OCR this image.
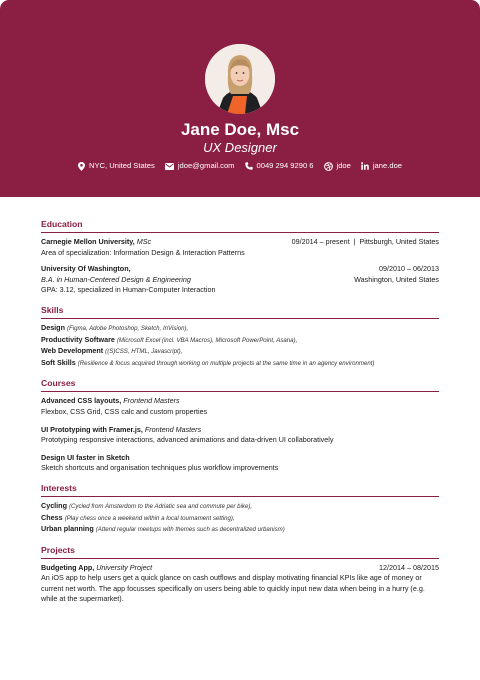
Jane Doe, Msc
UX Designer
NYC, United States	jdoe@gmail.com	0049 294 9290 6	jdoe	jane.doe
Education
Carnegie Mellon University, MSc	09/2014 – present | Pittsburgh, United States
Area of specialization: Information Design & Interaction Patterns
University Of Washington,	09/2010 – 06/2013
B.A. in Human-Centered Design & Engineering	Washington, United States
GPA: 3.12, specialized in Human-Computer Interaction
Skills
Design (Figma, Adobe Photoshop, Sketch, InVision),
Productivity Software (Microsoft Excel (incl. VBA Macros), Microsoft PowerPoint, Asana),
Web Development ((S)CSS, HTML, Javascript),
Soft Skills (Resilience & focus acquired through working on multiple projects at the same time in an agency environment)
Courses
Advanced CSS layouts, Frontend Masters
Flexbox, CSS Grid, CSS calc and custom properties
UI Prototyping with Framer.js, Frontend Masters
Prototyping responsive interactions, advanced animations and data-driven UI collaboratively
Design UI faster in Sketch
Sketch shortcuts and organisation techniques plus workflow improvements
Interests
Cycling (Cycled from Amsterdom to the Adriatic sea and commute per bike),
Chess (Play chess once a weekend within a local tournament setting),
Urban planning (Attend regular meetups with themes such as decentralized urbanism)
Projects
Budgeting App, University Project	12/2014 – 08/2015
An iOS app to help users get a quick glance on cash outflows and display motivating financial KPIs like age of money or current net worth. The app focusses specifically on users being able to quickly input new data when being in a hurry (e.g. while at the supermarket).
